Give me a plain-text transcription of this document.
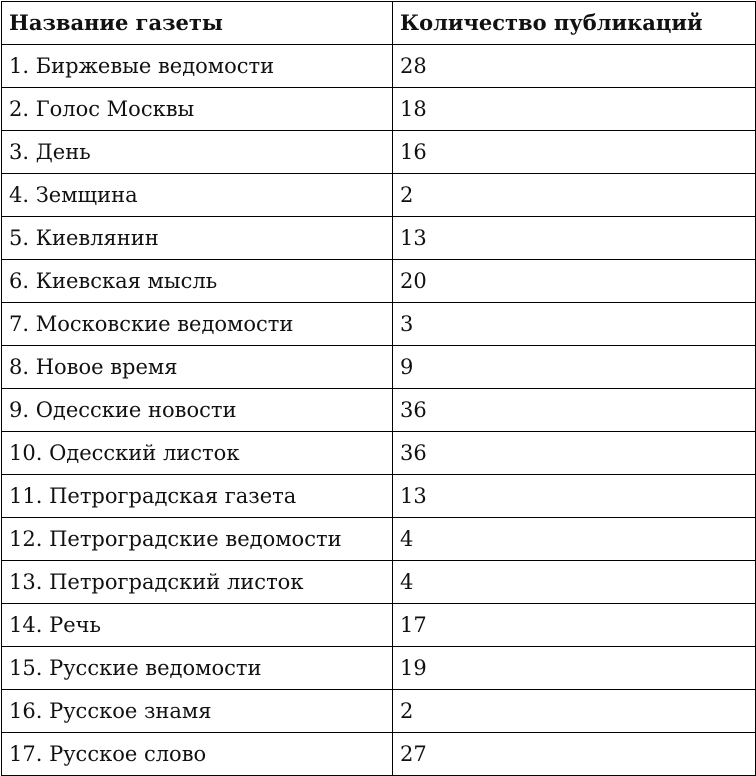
Название газеты	Количество публикаций
1. Биржевые ведомости	28
2. Голос Москвы	18
3. День	16
4. Земщина	2
5. Киевлянин	13
6. Киевская мысль	20
7. Московские ведомости	3
8. Новое время	9
9. Одесские новости	36
10. Одесский листок	36
11. Петроградская газета	13
12. Петроградские ведомости	4
13. Петроградский листок	4
14. Речь	17
15. Русские ведомости	19
16. Русское знамя	2
17. Русское слово	27
